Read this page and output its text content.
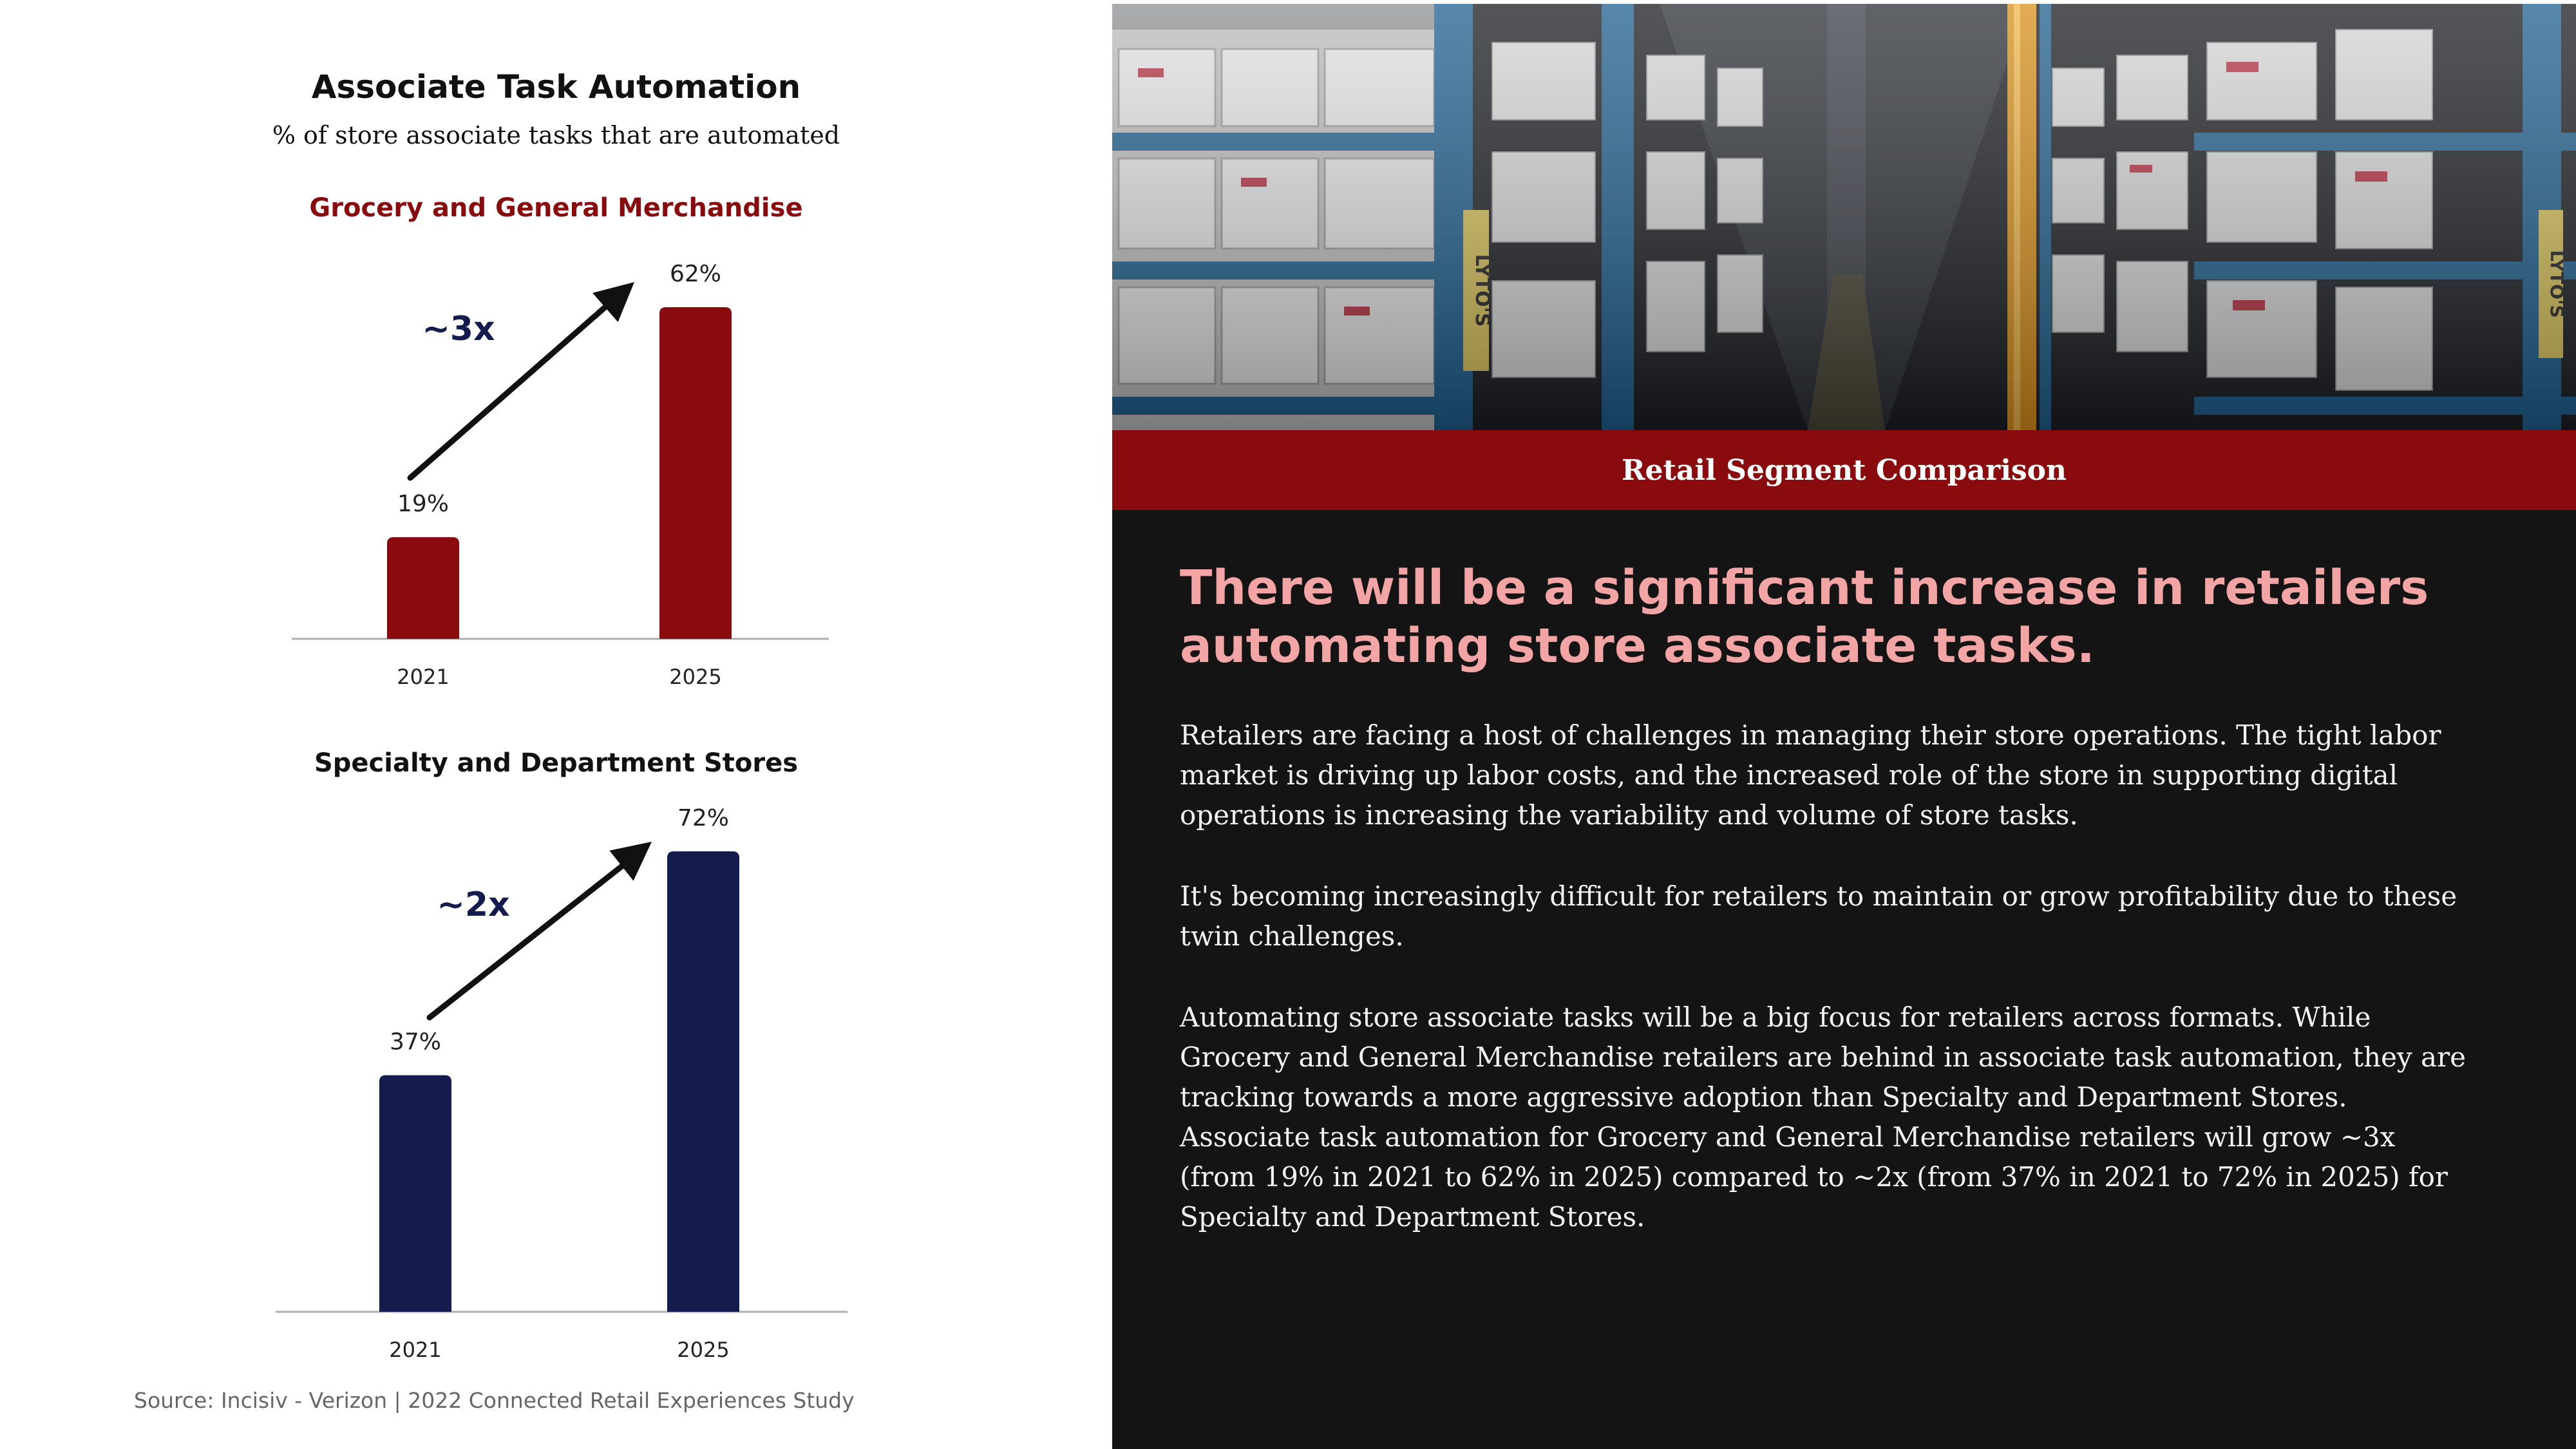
Associate Task Automation

% of store associate tasks that are automated

Grocery and General Merchandise
19%
2021
62%
2025
~3x
Specialty and Department Stores
37%
2021
72%
2025
~2x

Source: Incisiv - Verizon | 2022 Connected Retail Experiences Study

Retail Segment Comparison
There will be a significant increase in retailers automating store associate tasks.

Retailers are facing a host of challenges in managing their store operations. The tight labor market is driving up labor costs, and the increased role of the store in supporting digital operations is increasing the variability and volume of store tasks.

It's becoming increasingly difficult for retailers to maintain or grow profitability due to these twin challenges.

Automating store associate tasks will be a big focus for retailers across formats. While Grocery and General Merchandise retailers are behind in associate task automation, they are tracking towards a more aggressive adoption than Specialty and Department Stores. Associate task automation for Grocery and General Merchandise retailers will grow ~3x (from 19% in 2021 to 62% in 2025) compared to ~2x (from 37% in 2021 to 72% in 2025) for Specialty and Department Stores.
